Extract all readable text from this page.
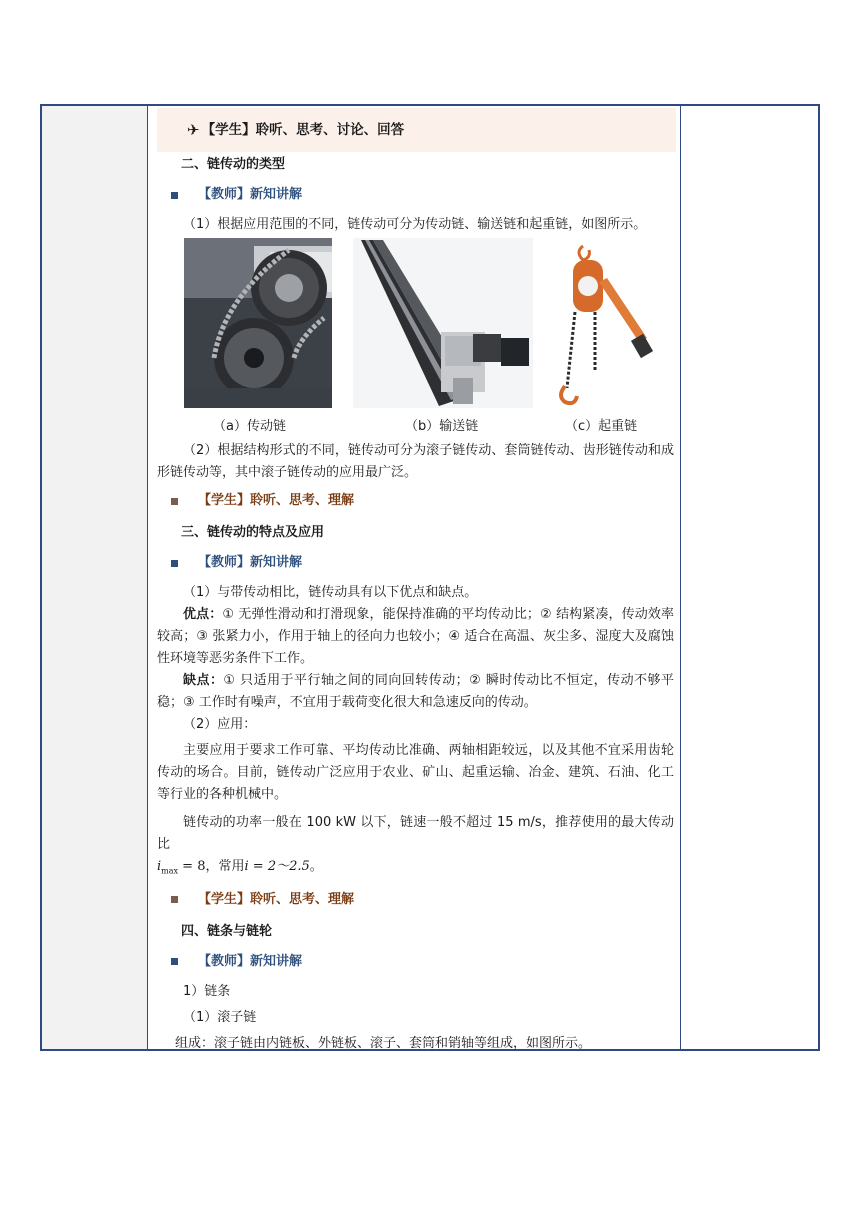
✈ 【学生】聆听、思考、讨论、回答
二、链传动的类型
【教师】新知讲解

（1）根据应用范围的不同，链传动可分为传动链、输送链和起重链，如图所示。

（a）传动链	（b）输送链	（c）起重链

（2）根据结构形式的不同，链传动可分为滚子链传动、套筒链传动、齿形链传动和成形链传动等，其中滚子链传动的应用最广泛。

【学生】聆听、思考、理解
三、链传动的特点及应用
【教师】新知讲解

（1）与带传动相比，链传动具有以下优点和缺点。

优点：① 无弹性滑动和打滑现象，能保持准确的平均传动比；② 结构紧凑，传动效率较高；③ 张紧力小，作用于轴上的径向力也较小；④ 适合在高温、灰尘多、湿度大及腐蚀性环境等恶劣条件下工作。

缺点：① 只适用于平行轴之间的同向回转传动；② 瞬时传动比不恒定，传动不够平稳；③ 工作时有噪声，不宜用于载荷变化很大和急速反向的传动。

（2）应用：

主要应用于要求工作可靠、平均传动比准确、两轴相距较远，以及其他不宜采用齿轮传动的场合。目前，链传动广泛应用于农业、矿山、起重运输、冶金、建筑、石油、化工等行业的各种机械中。

链传动的功率一般在 100 kW 以下，链速一般不超过 15 m/s，推荐使用的最大传动比
$i_{max} = 8$，常用i = 2～2.5。

【学生】聆听、思考、理解
四、链条与链轮
【教师】新知讲解

1）链条

（1）滚子链

组成：滚子链由内链板、外链板、滚子、套筒和销轴等组成，如图所示。
